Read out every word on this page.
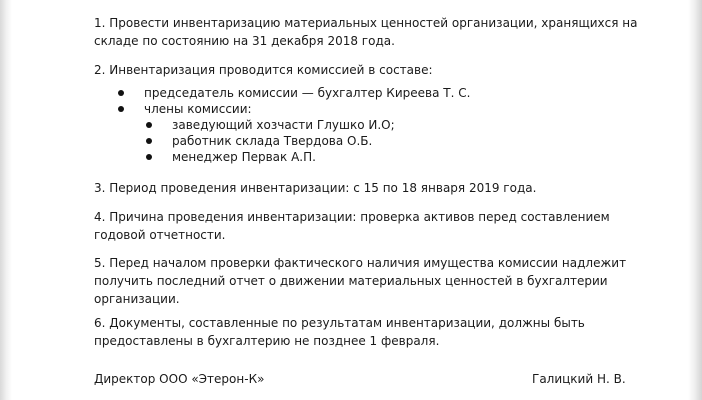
1. Провести инвентаризацию материальных ценностей организации, хранящихся на
складе по состоянию на 31 декабря 2018 года.

2. Инвентаризация проводится комиссией в составе:

председатель комиссии — бухгалтер Киреева Т. С.
члены комиссии:
заведующий хозчасти Глушко И.О;
работник склада Твердова О.Б.
менеджер Первак А.П.

3. Период проведения инвентаризации: с 15 по 18 января 2019 года.

4. Причина проведения инвентаризации: проверка активов перед составлением
годовой отчетности.

5. Перед началом проверки фактического наличия имущества комиссии надлежит
получить последний отчет о движении материальных ценностей в бухгалтерии
организации.

6. Документы, составленные по результатам инвентаризации, должны быть
предоставлены в бухгалтерию не позднее 1 февраля.

Директор ООО «Этерон-К»	Галицкий Н. В.
